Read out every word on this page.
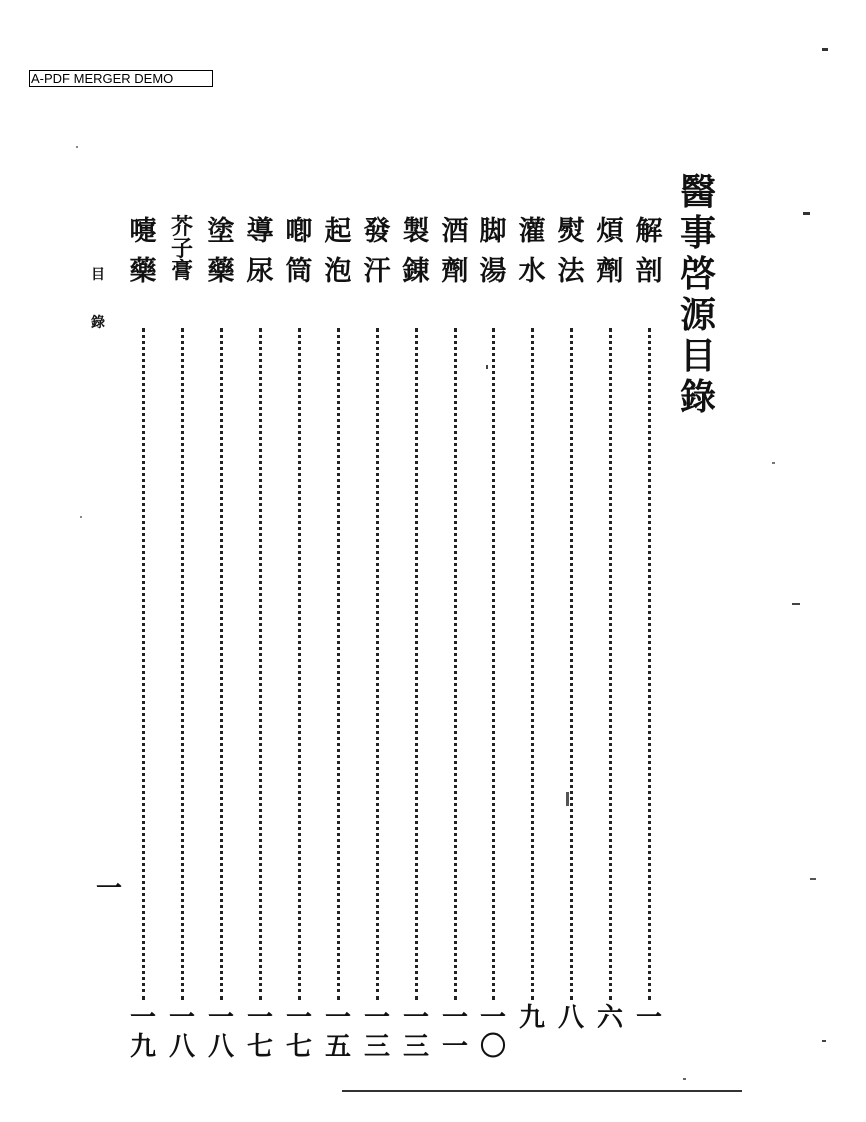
A-PDF MERGER DEMO
醫
事
啓
源
目
錄
目
錄
解
剖
一
煩
劑
六
熨
法
八
灌
水
九
脚
湯
一
〇
酒
劑
一
一
製
錬
一
三
發
汗
一
三
起
泡
一
五
喞
筒
一
七
導
尿
一
七
塗
藥
一
八
芥
子
膏
一
八
嚏
藥
一
九
一
